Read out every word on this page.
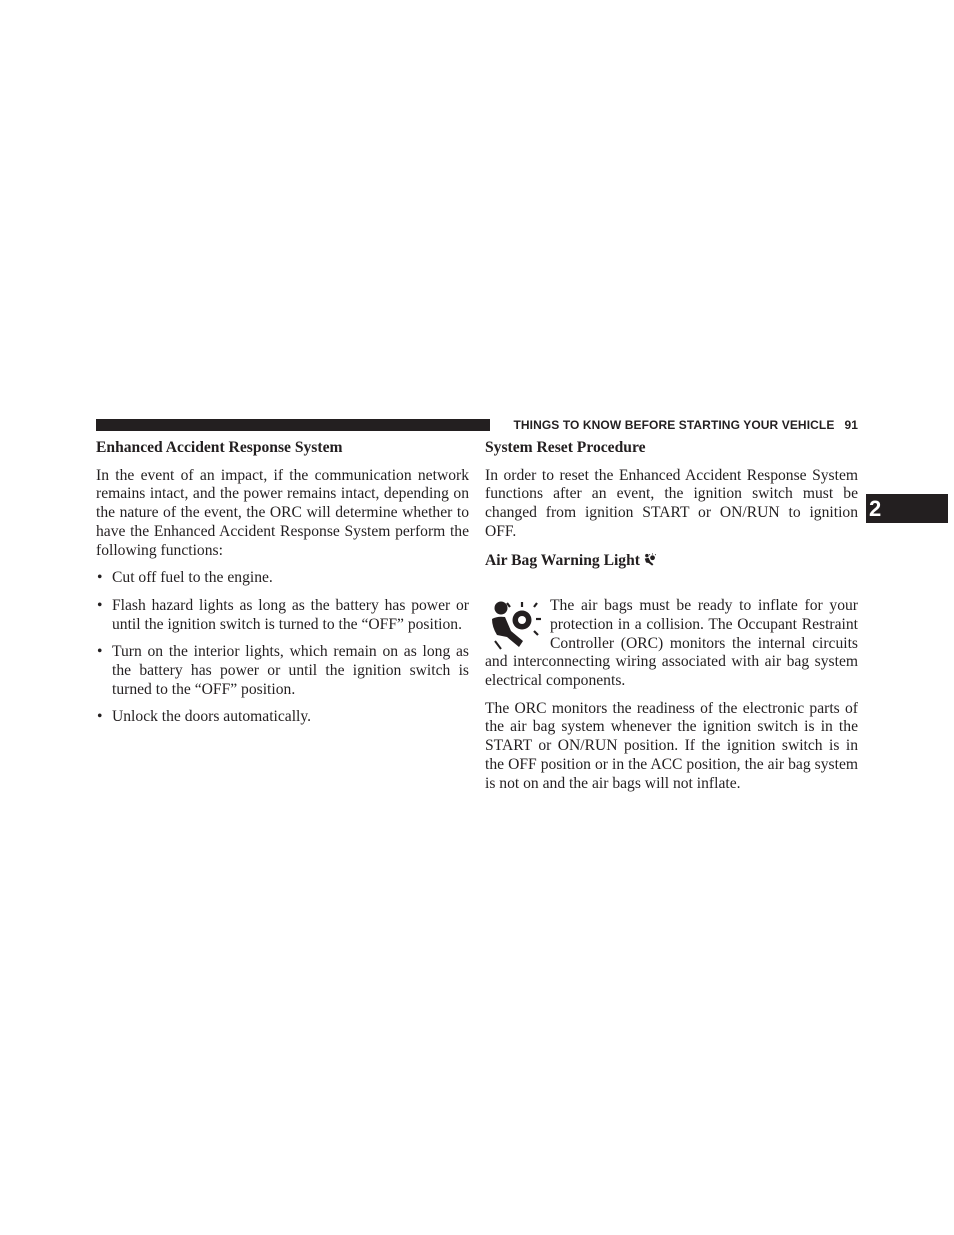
THINGS TO KNOW BEFORE STARTING YOUR VEHICLE 91
2
Enhanced Accident Response System

In the event of an impact, if the communication network remains intact, and the power remains intact, depending on the nature of the event, the ORC will determine whether to have the Enhanced Accident Response System perform the following functions:

• Cut off fuel to the engine.
• Flash hazard lights as long as the battery has power or until the ignition switch is turned to the “OFF” position.
• Turn on the interior lights, which remain on as long as the battery has power or until the ignition switch is turned to the “OFF” position.
• Unlock the doors automatically.
System Reset Procedure

In order to reset the Enhanced Accident Response System functions after an event, the ignition switch must be changed from ignition START or ON/RUN to ignition OFF.

Air Bag Warning Light

The air bags must be ready to inflate for your protection in a collision. The Occupant Restraint Controller (ORC) monitors the internal circuits and interconnecting wiring associated with air bag system electrical components.

The ORC monitors the readiness of the electronic parts of the air bag system whenever the ignition switch is in the START or ON/RUN position. If the ignition switch is in the OFF position or in the ACC position, the air bag system is not on and the air bags will not inflate.
